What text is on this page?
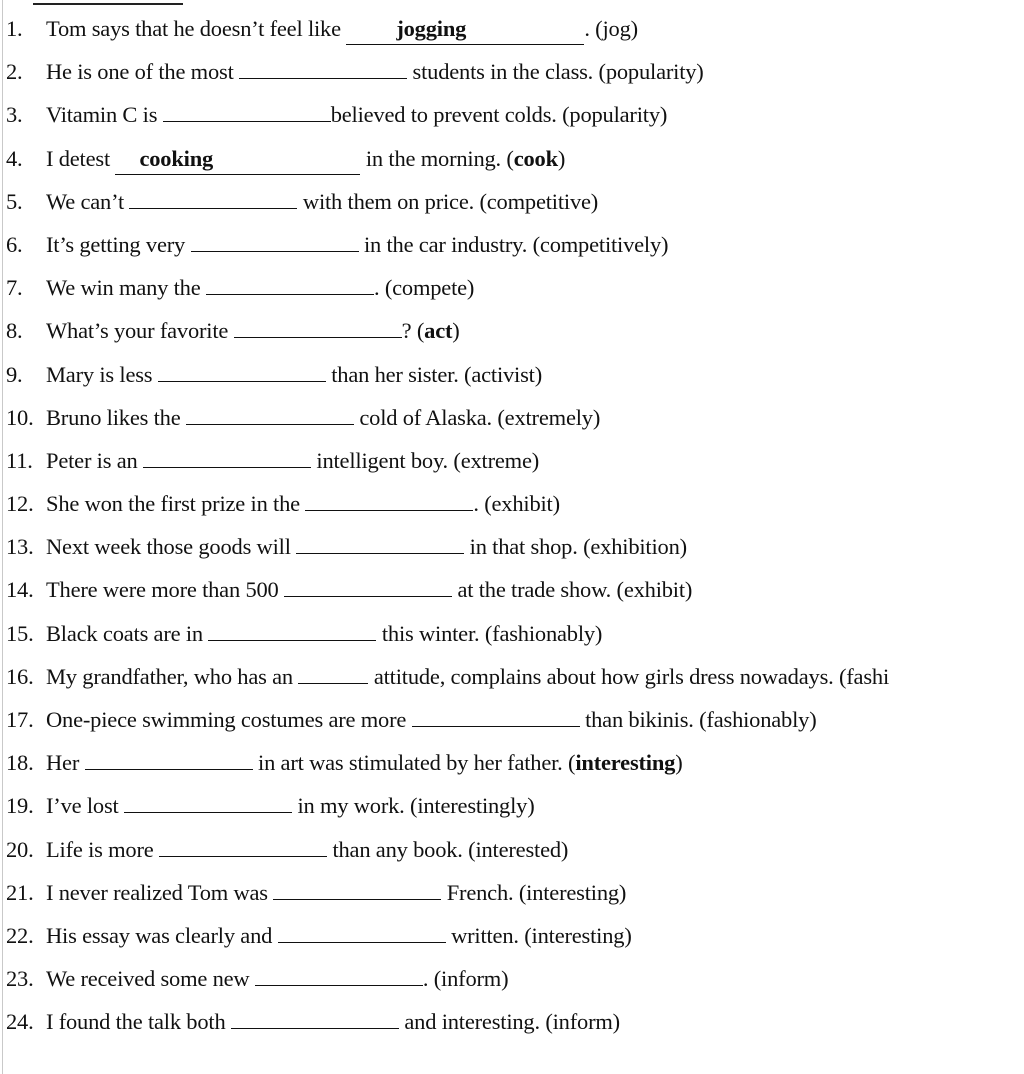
1. Tom says that he doesn’t feel like jogging	. (jog)
2. He is one of the most	students in the class. (popularity)
3. Vitamin C is	believed to prevent colds. (popularity)
4. I detest cooking	in the morning. (cook)
5. We can’t	with them on price. (competitive)
6. It’s getting very	in the car industry. (competitively)
7. We win many the	. (compete)
8. What’s your favorite	? (act)
9. Mary is less	than her sister. (activist)
10. Bruno likes the	cold of Alaska. (extremely)
11. Peter is an	intelligent boy. (extreme)
12. She won the first prize in the	. (exhibit)
13. Next week those goods will	in that shop. (exhibition)
14. There were more than 500	at the trade show. (exhibit)
15. Black coats are in	this winter. (fashionably)
16. My grandfather, who has an	attitude, complains about how girls dress nowadays. (fashi
17. One-piece swimming costumes are more	than bikinis. (fashionably)
18. Her	in art was stimulated by her father. (interesting)
19. I’ve lost	in my work. (interestingly)
20. Life is more	than any book. (interested)
21. I never realized Tom was	French. (interesting)
22. His essay was clearly and	written. (interesting)
23. We received some new	. (inform)
24. I found the talk both	and interesting. (inform)
